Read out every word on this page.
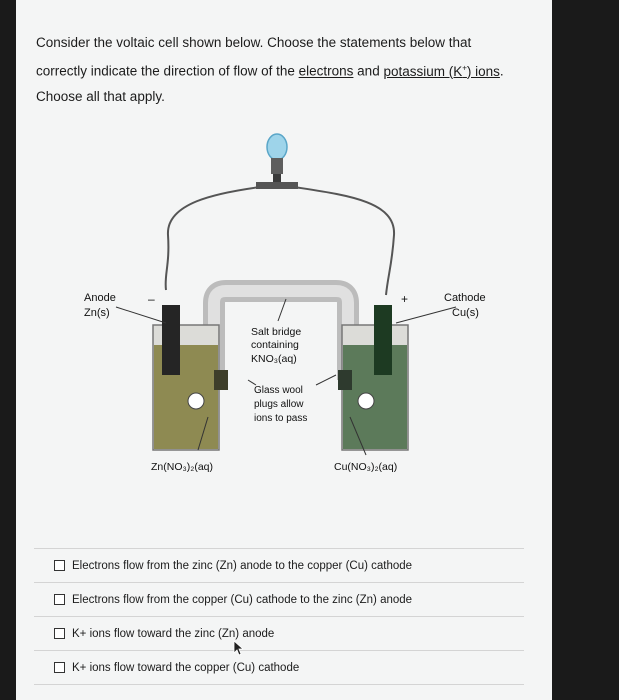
Consider the voltaic cell shown below. Choose the statements below that correctly indicate the direction of flow of the electrons and potassium (K+) ions. Choose all that apply.
Anode
Zn(s)
–	Cathode
Cu(s)
+
Salt bridge
containing
KNO₃(aq)
Glass wool
plugs allow
ions to pass
Zn(NO₃)₂(aq)	Cu(NO₃)₂(aq)
Electrons flow from the zinc (Zn) anode to the copper (Cu) cathode
Electrons flow from the copper (Cu) cathode to the zinc (Zn) anode
K+ ions flow toward the zinc (Zn) anode
K+ ions flow toward the copper (Cu) cathode
